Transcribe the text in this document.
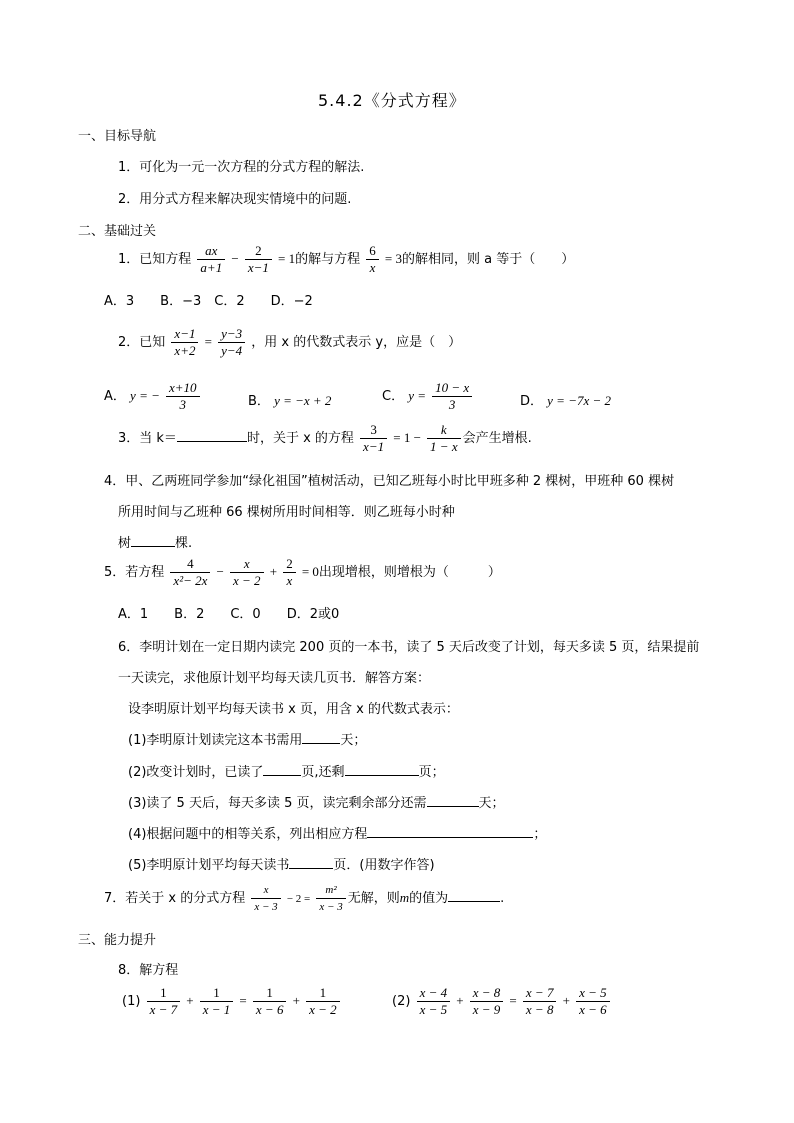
5.4.2《分式方程》
一、目标导航
1．可化为一元一次方程的分式方程的解法.
2．用分式方程来解决现实情境中的问题.
二、基础过关
1．已知方程 $\frac{ax}{a+1} - \frac{2}{x-1} = 1$的解与方程 $\frac{6}{x} = 3$的解相同，则 a 等于（　　）
A．3　　B．−3　C．2　　D．−2
2．已知 $\frac{x-1}{x+2} = \frac{y-3}{y-4}$ ，用 x 的代数式表示 y，应是（　）
A． y = − $\frac{x+10}{3}$	B． y = −x + 2	C． $y = \frac{10 - x}{3}$	D． y = −7x − 2
3．当 k＝	时，关于 x 的方程 $\frac{3}{x-1} = 1 - \frac{k}{1 - x}$ 会产生增根.
4．甲、乙两班同学参加“绿化祖国”植树活动，已知乙班每小时比甲班多种 2 棵树，甲班种 60 棵树
所用时间与乙班种 66 棵树所用时间相等．则乙班每小时种
树	棵.
5．若方程 $\frac{4}{\text{x²− 2x}} - \frac{x}{x - 2} + \frac{2}{x} = 0$出现增根，则增根为（　　　）
A．1　　B．2　　C．0　　D．2或0
6．李明计划在一定日期内读完 200 页的一本书，读了 5 天后改变了计划，每天多读 5 页，结果提前
一天读完，求他原计划平均每天读几页书．解答方案：
设李明原计划平均每天读书 x 页，用含 x 的代数式表示：
(1)李明原计划读完这本书需用	天；
(2)改变计划时，已读了	页,还剩	页；
(3)读了 5 天后，每天多读 5 页，读完剩余部分还需	天；
(4)根据问题中的相等关系，列出相应方程	；
(5)李明原计划平均每天读书	页．(用数字作答)
7．若关于 x 的分式方程 $\frac{x}{x - 3} - 2 = \frac{\text{m²}}{x - 3}$ 无解，则m的值为	.
三、能力提升
8．解方程
$(1) \frac{1}{x - 7} + \frac{1}{x - 1} = \frac{1}{x - 6} + \frac{1}{x - 2}$	$(2) \frac{x - 4}{x - 5} + \frac{x - 8}{x - 9} = \frac{x - 7}{x - 8} + \frac{x - 5}{x - 6}$
